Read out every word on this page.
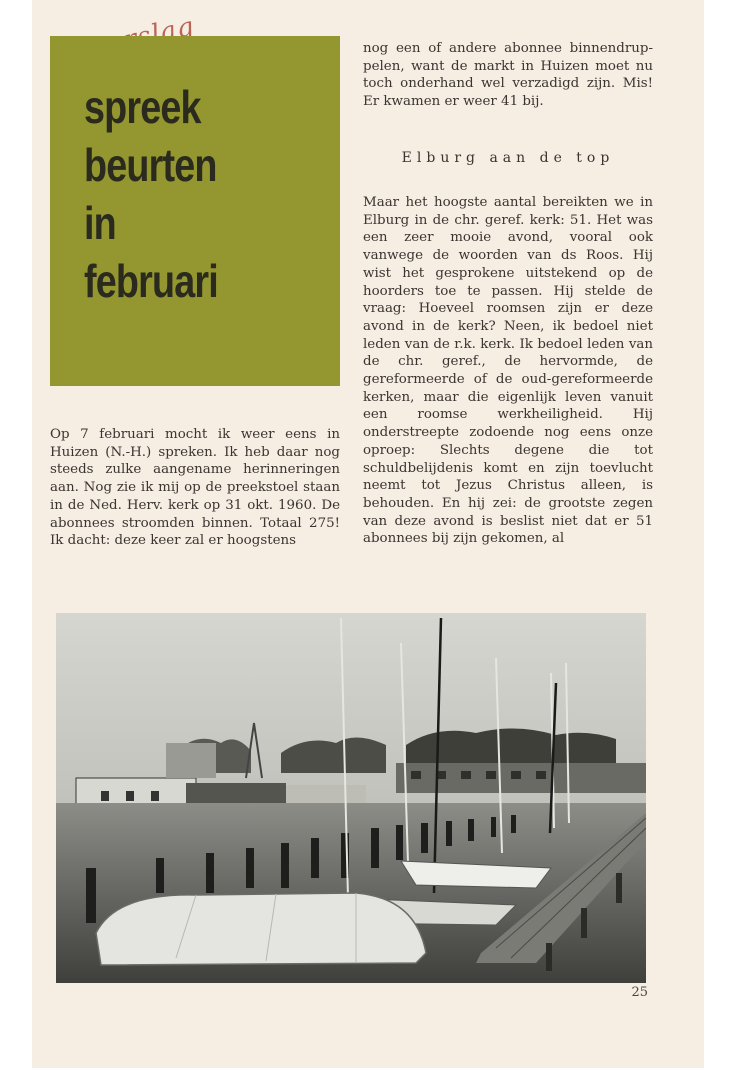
spreek
beurten
in
februari

nog een of andere abonnee binnendruppelen, want de markt in Huizen moet nu toch onderhand wel verzadigd zijn. Mis! Er kwamen er weer 41 bij.

Elburg aan de top

Maar het hoogste aantal bereikten we in Elburg in de chr. geref. kerk: 51. Het was een zeer mooie avond, vooral ook vanwege de woorden van ds Roos. Hij wist het gesprokene uitstekend op de hoorders toe te passen. Hij stelde de vraag: Hoeveel roomsen zijn er deze avond in de kerk? Neen, ik bedoel niet leden van de r.k. kerk. Ik bedoel leden van de chr. geref., de hervormde, de gereformeerde of de oud-gereformeerde kerken, maar die eigenlijk leven vanuit een roomse werkheiligheid. Hij onderstreepte zodoende nog eens onze oproep: Slechts degene die tot schuldbelijdenis komt en zijn toevlucht neemt tot Jezus Christus alleen, is behouden. En hij zei: de grootste zegen van deze avond is beslist niet dat er 51 abonnees bij zijn gekomen, al

Op 7 februari mocht ik weer eens in Huizen (N.-H.) spreken. Ik heb daar nog steeds zulke aangename herinneringen aan. Nog zie ik mij op de preekstoel staan in de Ned. Herv. kerk op 31 okt. 1960. De abonnees stroomden binnen. Totaal 275! Ik dacht: deze keer zal er hoogstens

25
